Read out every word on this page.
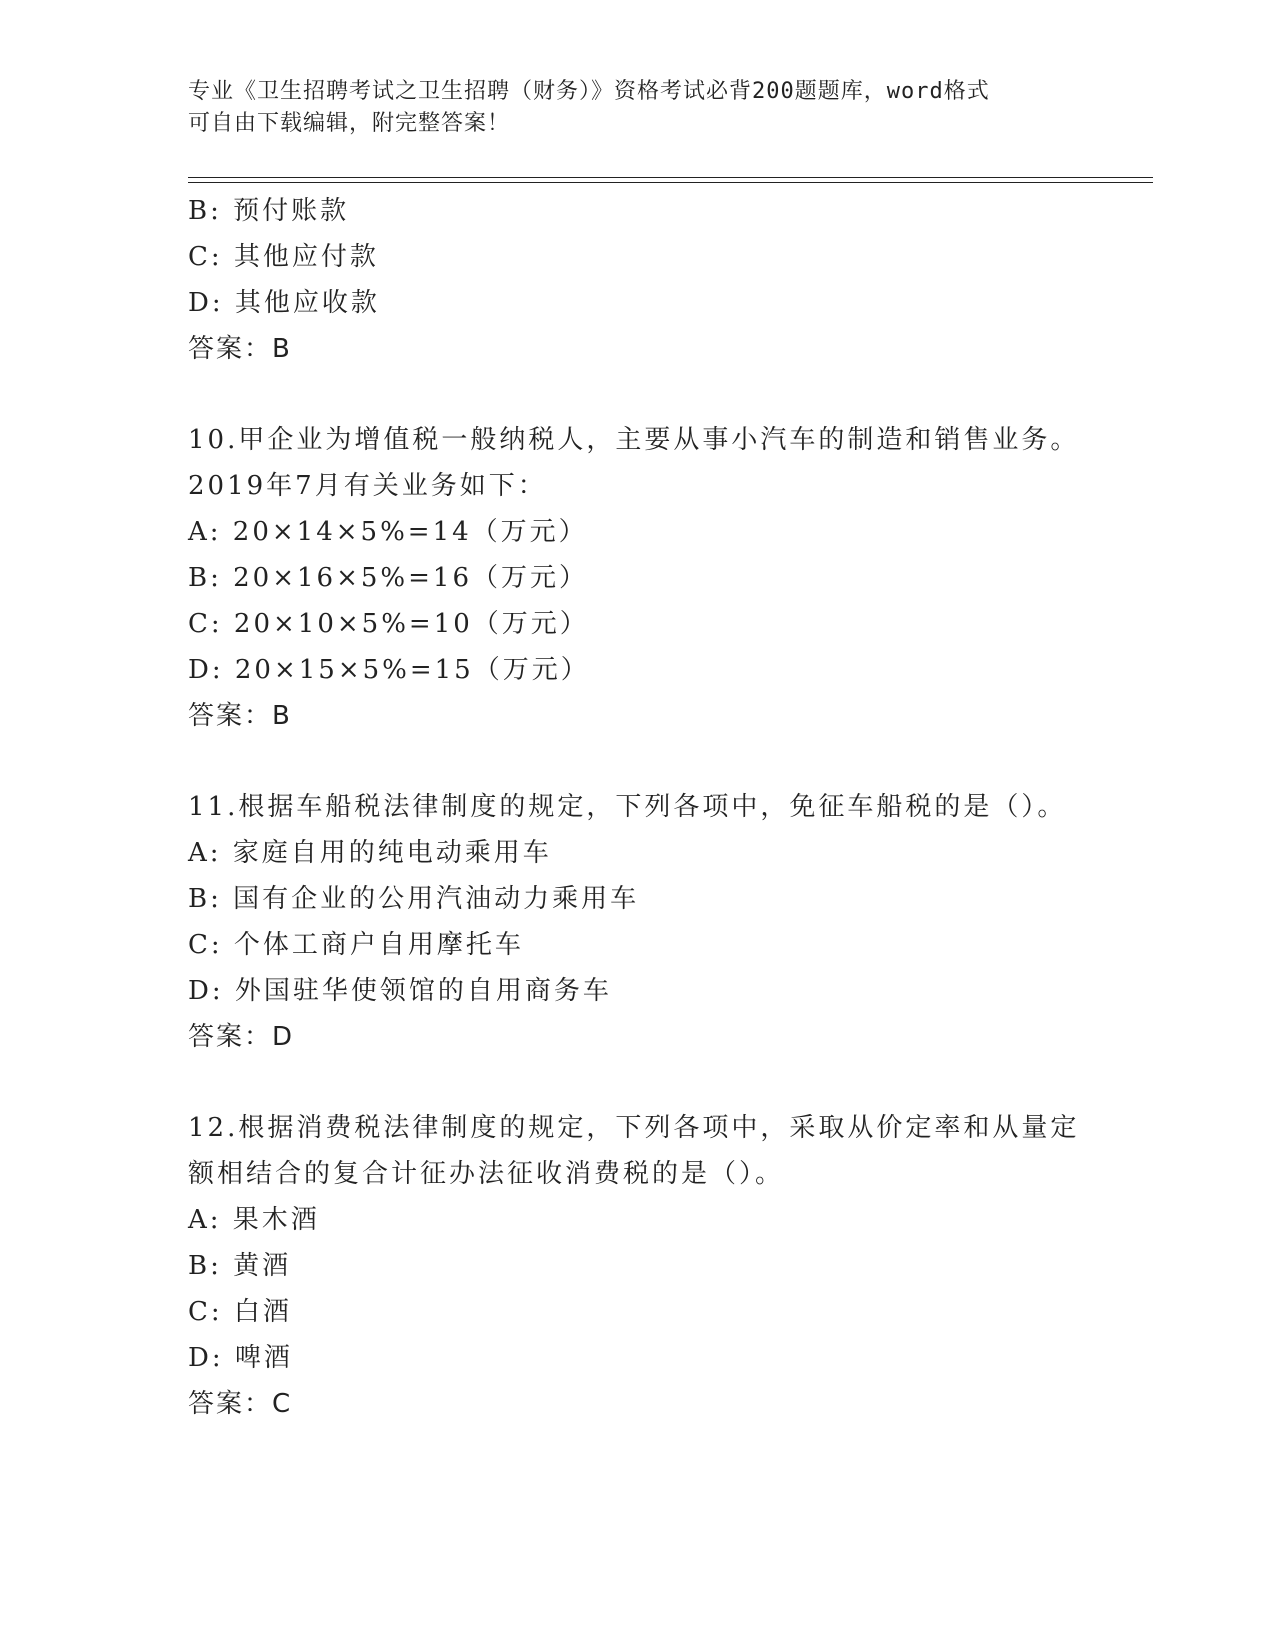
专业《卫生招聘考试之卫生招聘（财务）》资格考试必背200题题库，word格式
可自由下载编辑，附完整答案！
B: 预付账款
C: 其他应付款
D: 其他应收款
答案：B
10.甲企业为增值税一般纳税人，主要从事小汽车的制造和销售业务。
2019年7月有关业务如下：
A: 20×14×5%=14（万元）
B: 20×16×5%=16（万元）
C: 20×10×5%=10（万元）
D: 20×15×5%=15（万元）
答案：B
11.根据车船税法律制度的规定，下列各项中，免征车船税的是（）。
A: 家庭自用的纯电动乘用车
B: 国有企业的公用汽油动力乘用车
C: 个体工商户自用摩托车
D: 外国驻华使领馆的自用商务车
答案：D
12.根据消费税法律制度的规定，下列各项中，采取从价定率和从量定
额相结合的复合计征办法征收消费税的是（）。
A: 果木酒
B: 黄酒
C: 白酒
D: 啤酒
答案：C
